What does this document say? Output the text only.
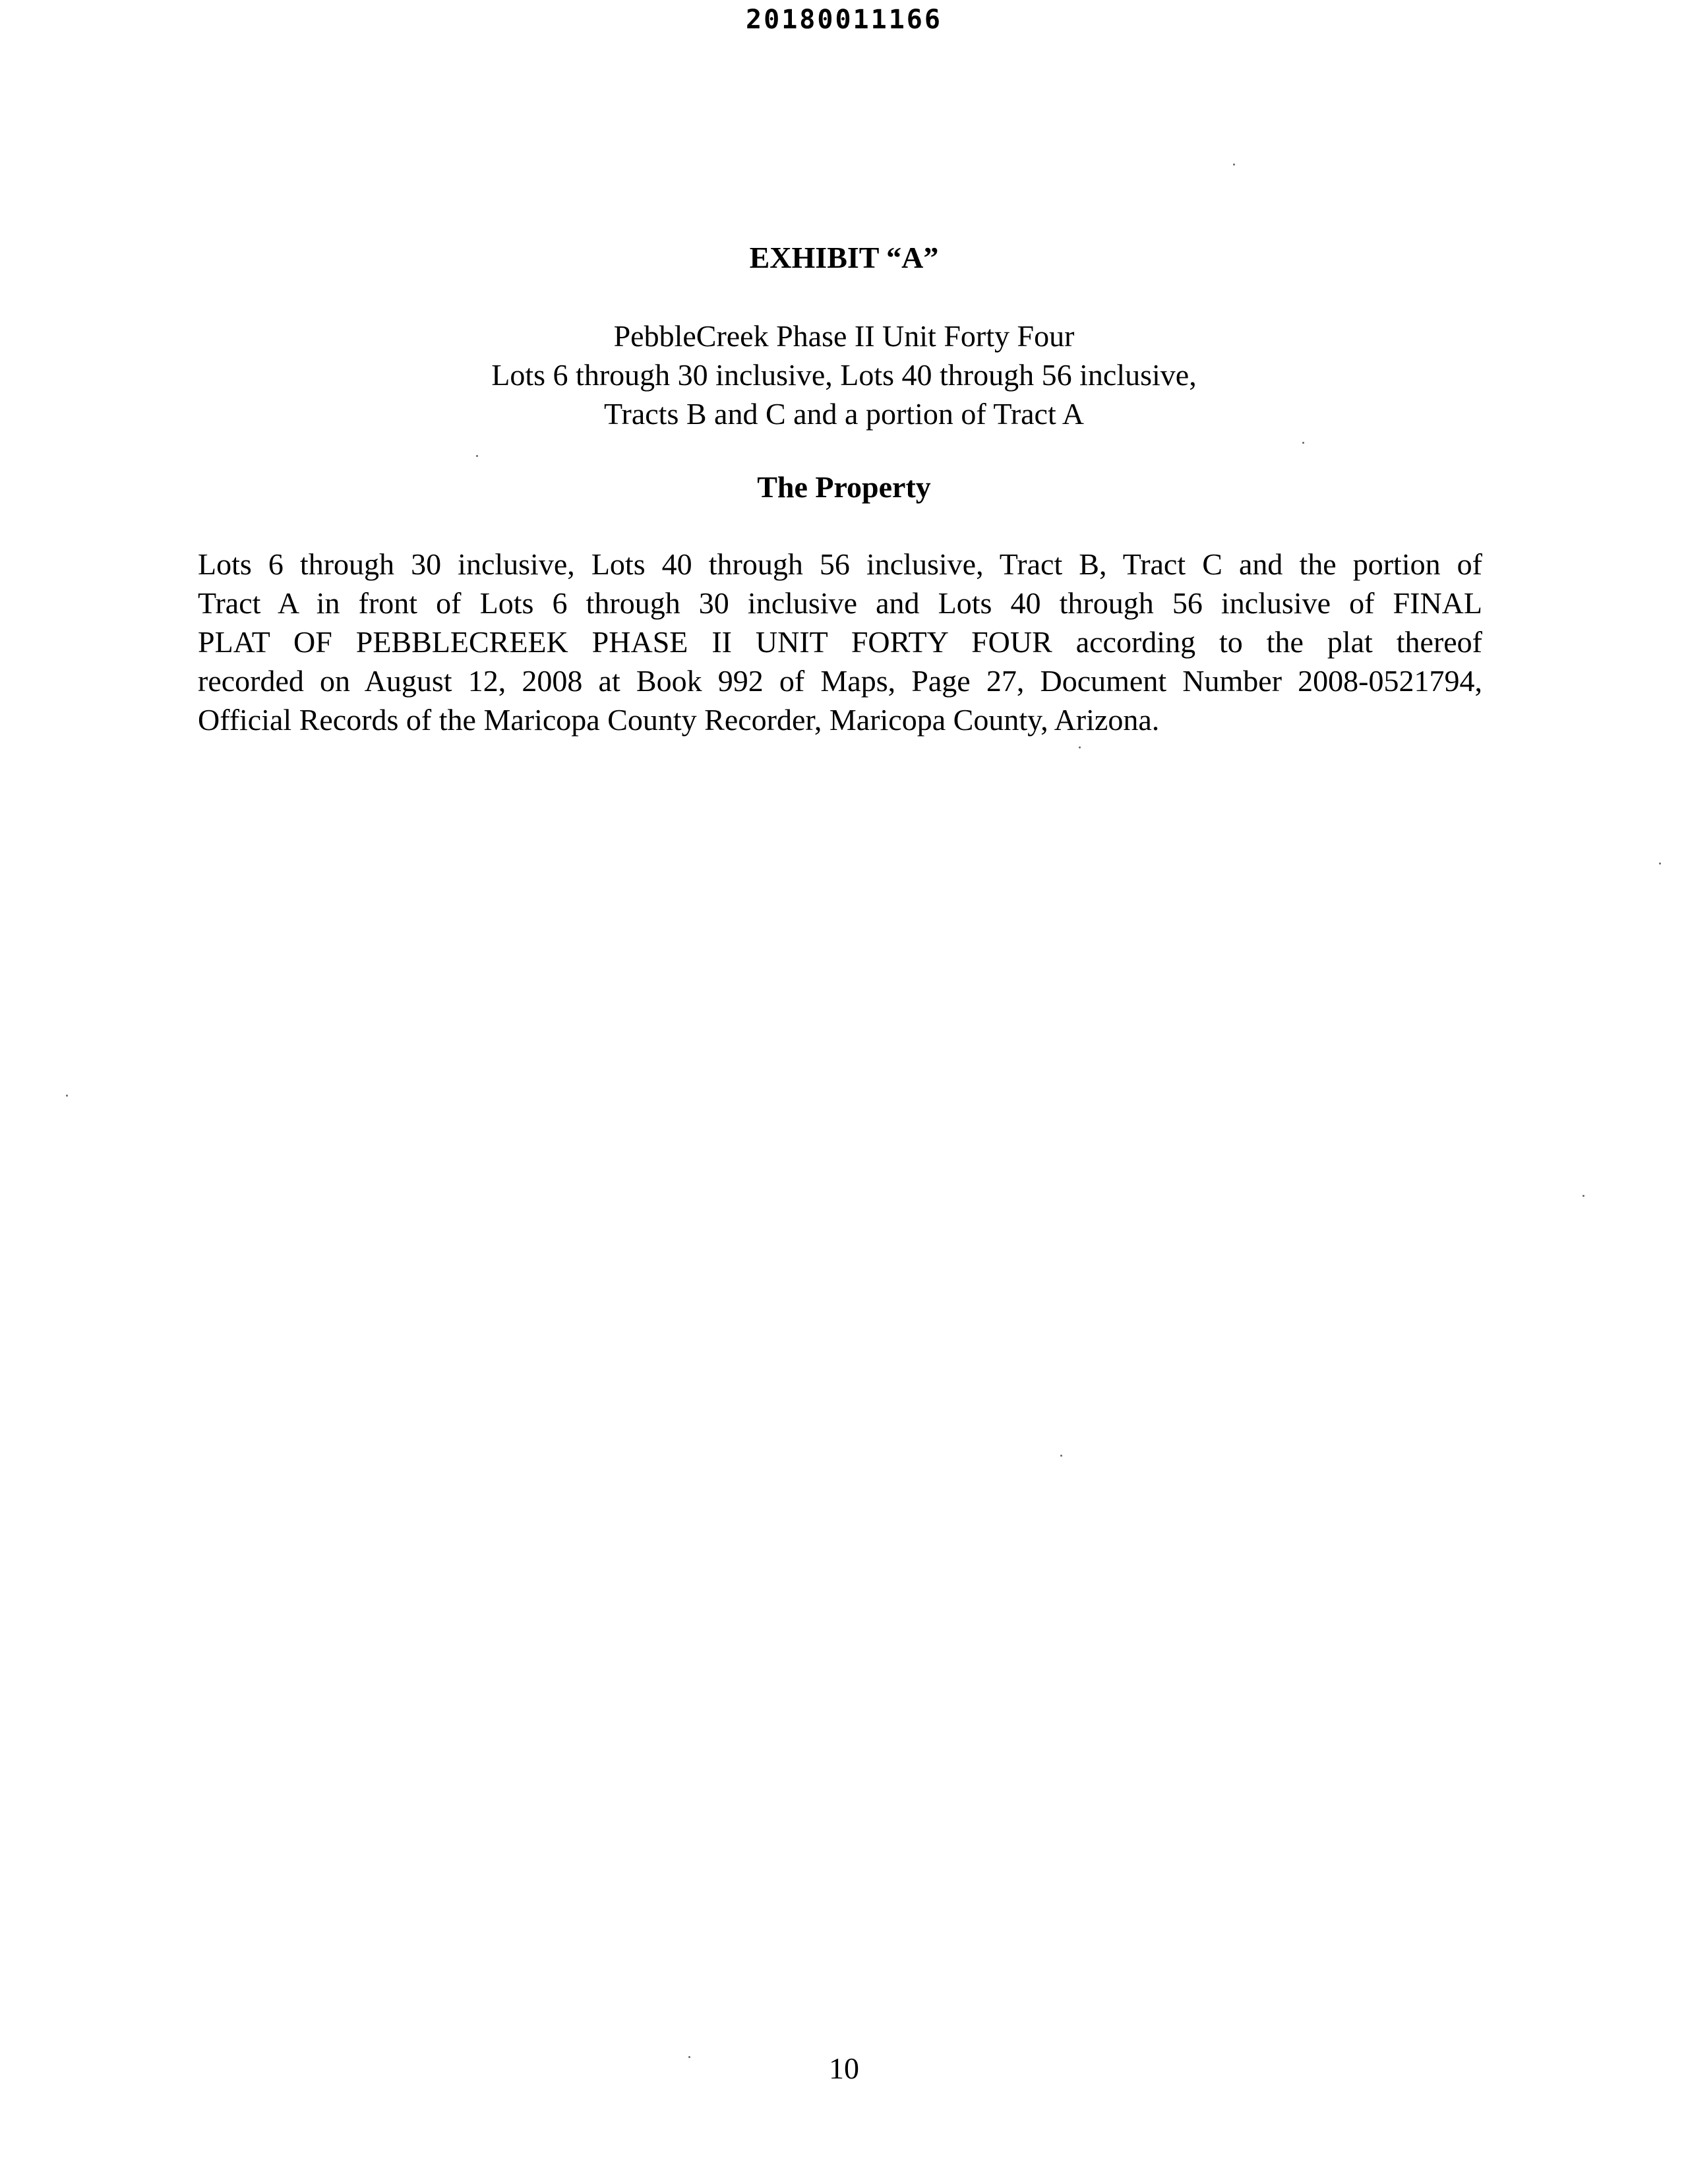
20180011166
EXHIBIT “A”
PebbleCreek Phase II Unit Forty Four
Lots 6 through 30 inclusive, Lots 40 through 56 inclusive,
Tracts B and C and a portion of Tract A
The Property
Lots 6 through 30 inclusive, Lots 40 through 56 inclusive, Tract B, Tract C and the portion of
Tract A in front of Lots 6 through 30 inclusive and Lots 40 through 56 inclusive of FINAL
PLAT OF PEBBLECREEK PHASE II UNIT FORTY FOUR according to the plat thereof
recorded on August 12, 2008 at Book 992 of Maps, Page 27, Document Number 2008-0521794,
Official Records of the Maricopa County Recorder, Maricopa County, Arizona.
10
